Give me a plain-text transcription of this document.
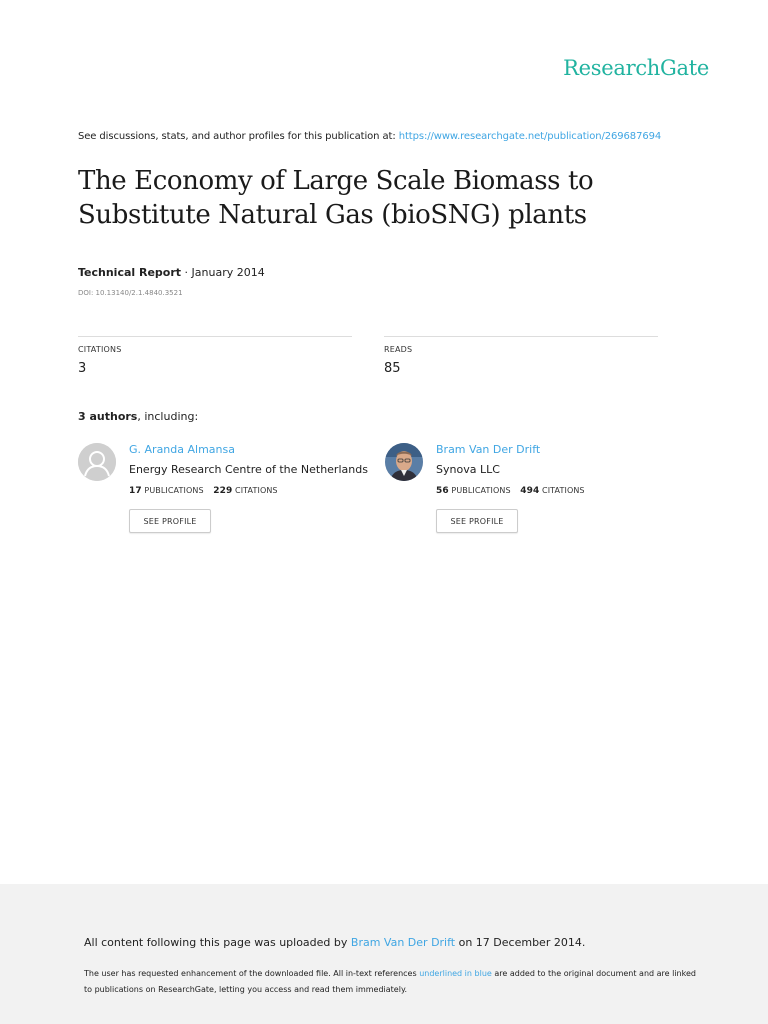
ResearchGate
See discussions, stats, and author profiles for this publication at: https://www.researchgate.net/publication/269687694
The Economy of Large Scale Biomass to
Substitute Natural Gas (bioSNG) plants
Technical Report · January 2014
DOI: 10.13140/2.1.4840.3521
CITATIONS
3
READS
85
3 authors, including:
G. Aranda Almansa
Energy Research Centre of the Netherlands
17 PUBLICATIONS 229 CITATIONS
SEE PROFILE
Bram Van Der Drift
Synova LLC
56 PUBLICATIONS 494 CITATIONS
SEE PROFILE
All content following this page was uploaded by Bram Van Der Drift on 17 December 2014.
The user has requested enhancement of the downloaded file. All in-text references underlined in blue are added to the original document and are linked to publications on ResearchGate, letting you access and read them immediately.
